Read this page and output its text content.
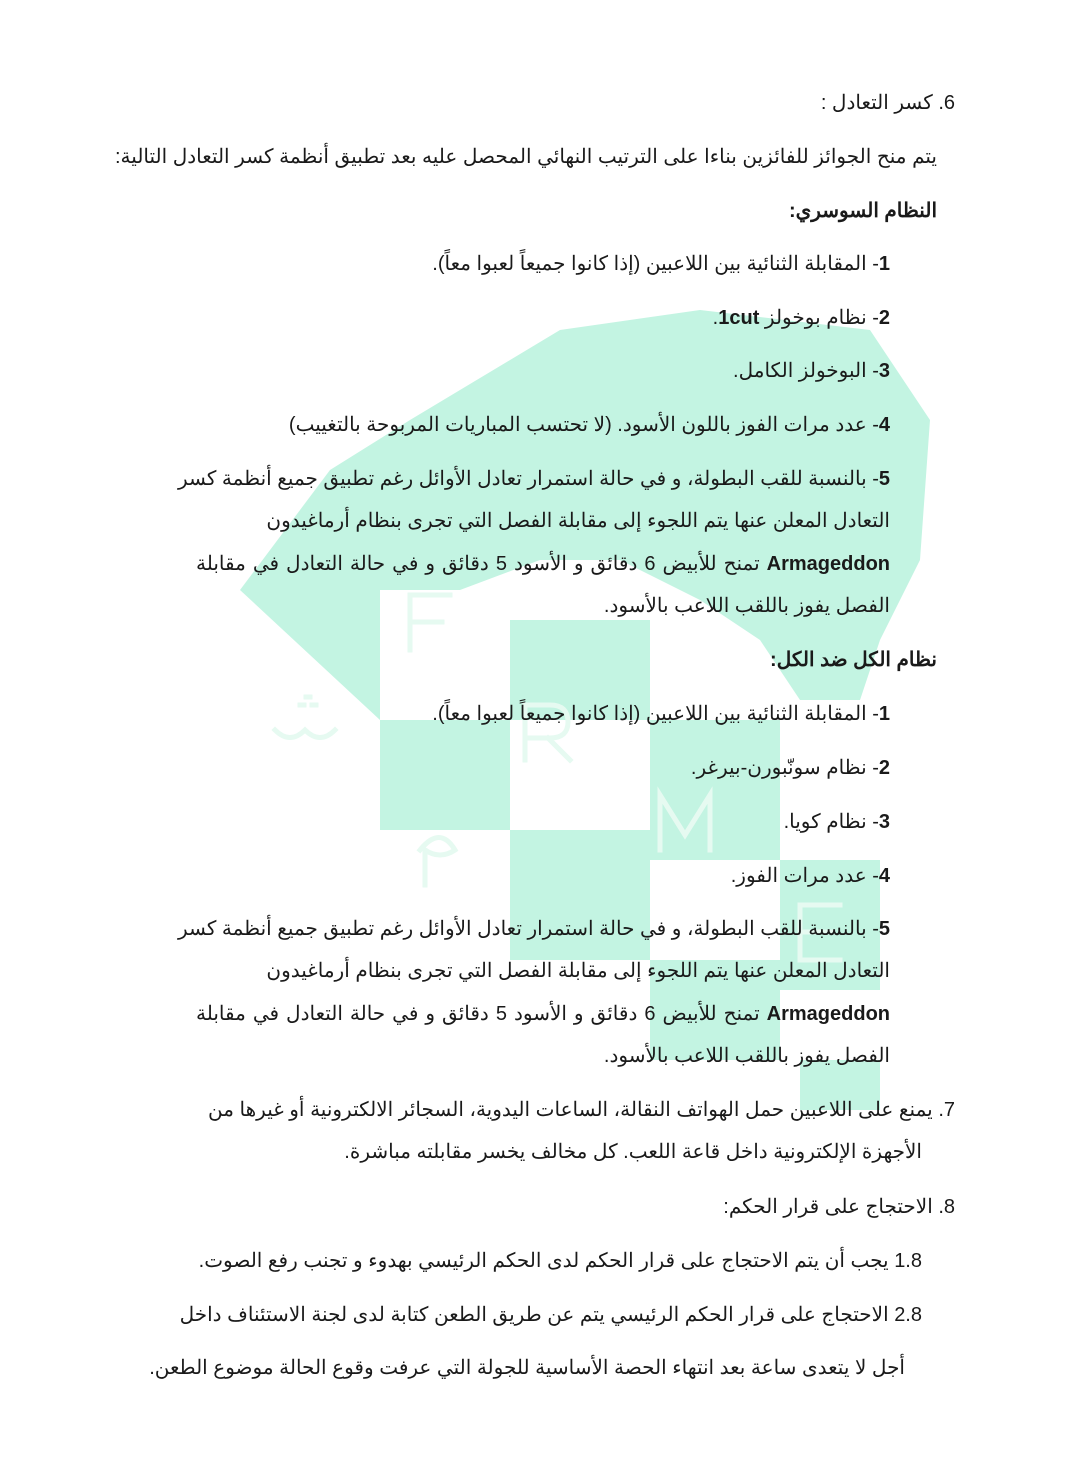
6. كسر التعادل :
يتم منح الجوائز للفائزين بناءا على الترتيب النهائي المحصل عليه بعد تطبيق أنظمة كسر التعادل التالية:
النظام السوسري:
1- المقابلة الثنائية بين اللاعبين (إذا كانوا جميعاً لعبوا معاً).
2- نظام بوخولز 1cut.
3- البوخولز الكامل.
4- عدد مرات الفوز باللون الأسود. (لا تحتسب المباريات المربوحة بالتغييب)
5- بالنسبة للقب البطولة، و في حالة استمرار تعادل الأوائل رغم تطبيق جميع أنظمة كسر
التعادل المعلن عنها يتم اللجوء إلى مقابلة الفصل التي تجرى بنظام أرماغيدون
Armageddon تمنح للأبيض 6 دقائق و الأسود 5 دقائق و في حالة التعادل في مقابلة
الفصل يفوز باللقب اللاعب بالأسود.
نظام الكل ضد الكل:
1- المقابلة الثنائية بين اللاعبين (إذا كانوا جميعاً لعبوا معاً).
2- نظام سونّبورن-بيرغر.
3- نظام كويا.
4- عدد مرات الفوز.
5- بالنسبة للقب البطولة، و في حالة استمرار تعادل الأوائل رغم تطبيق جميع أنظمة كسر
التعادل المعلن عنها يتم اللجوء إلى مقابلة الفصل التي تجرى بنظام أرماغيدون
Armageddon تمنح للأبيض 6 دقائق و الأسود 5 دقائق و في حالة التعادل في مقابلة
الفصل يفوز باللقب اللاعب بالأسود.
7. يمنع على اللاعبين حمل الهواتف النقالة، الساعات اليدوية، السجائر الالكترونية أو غيرها من
الأجهزة الإلكترونية داخل قاعة اللعب. كل مخالف يخسر مقابلته مباشرة.
8. الاحتجاج على قرار الحكم:
1.8 يجب أن يتم الاحتجاج على قرار الحكم لدى الحكم الرئيسي بهدوء و تجنب رفع الصوت.
2.8 الاحتجاج على قرار الحكم الرئيسي يتم عن طريق الطعن كتابة لدى لجنة الاستئناف داخل
أجل لا يتعدى ساعة بعد انتهاء الحصة الأساسية للجولة التي عرفت وقوع الحالة موضوع الطعن.
